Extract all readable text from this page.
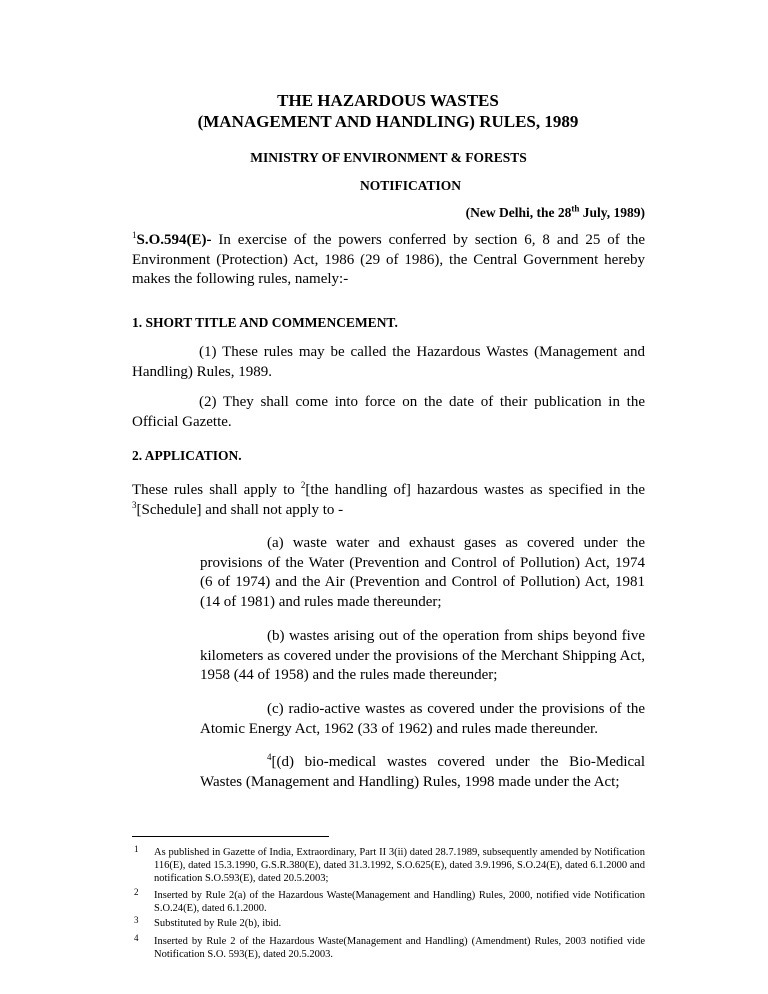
THE HAZARDOUS WASTES
(MANAGEMENT AND HANDLING) RULES, 1989
MINISTRY OF ENVIRONMENT & FORESTS
NOTIFICATION
(New Delhi, the 28th July, 1989)
$^1$S.O.594(E)- In exercise of the powers conferred by section 6, 8 and 25 of the Environment (Protection) Act, 1986 (29 of 1986), the Central Government hereby makes the following rules, namely:-
1. SHORT TITLE AND COMMENCEMENT.
(1) These rules may be called the Hazardous Wastes (Management and Handling) Rules, 1989.
(2) They shall come into force on the date of their publication in the Official Gazette.
2. APPLICATION.
These rules shall apply to $^2$[the handling of] hazardous wastes as specified in the $^3$[Schedule] and shall not apply to -
(a) waste water and exhaust gases as covered under the provisions of the Water (Prevention and Control of Pollution) Act, 1974 (6 of 1974) and the Air (Prevention and Control of Pollution) Act, 1981 (14 of 1981) and rules made thereunder;
(b) wastes arising out of the operation from ships beyond five kilometers as covered under the provisions of the Merchant Shipping Act, 1958 (44 of 1958) and the rules made thereunder;
(c) radio-active wastes as covered under the provisions of the Atomic Energy Act, 1962 (33 of 1962) and rules made thereunder.
$^4$[(d) bio-medical wastes covered under the Bio-Medical Wastes (Management and Handling) Rules, 1998 made under the Act;
1 As published in Gazette of India, Extraordinary, Part II 3(ii) dated 28.7.1989, subsequently amended by Notification 116(E), dated 15.3.1990, G.S.R.380(E), dated 31.3.1992, S.O.625(E), dated 3.9.1996, S.O.24(E), dated 6.1.2000 and notification S.O.593(E), dated 20.5.2003;
2 Inserted by Rule 2(a) of the Hazardous Waste(Management and Handling) Rules, 2000, notified vide Notification S.O.24(E), dated 6.1.2000.
3 Substituted by Rule 2(b), ibid.
4 Inserted by Rule 2 of the Hazardous Waste(Management and Handling) (Amendment) Rules, 2003 notified vide Notification S.O. 593(E), dated 20.5.2003.
